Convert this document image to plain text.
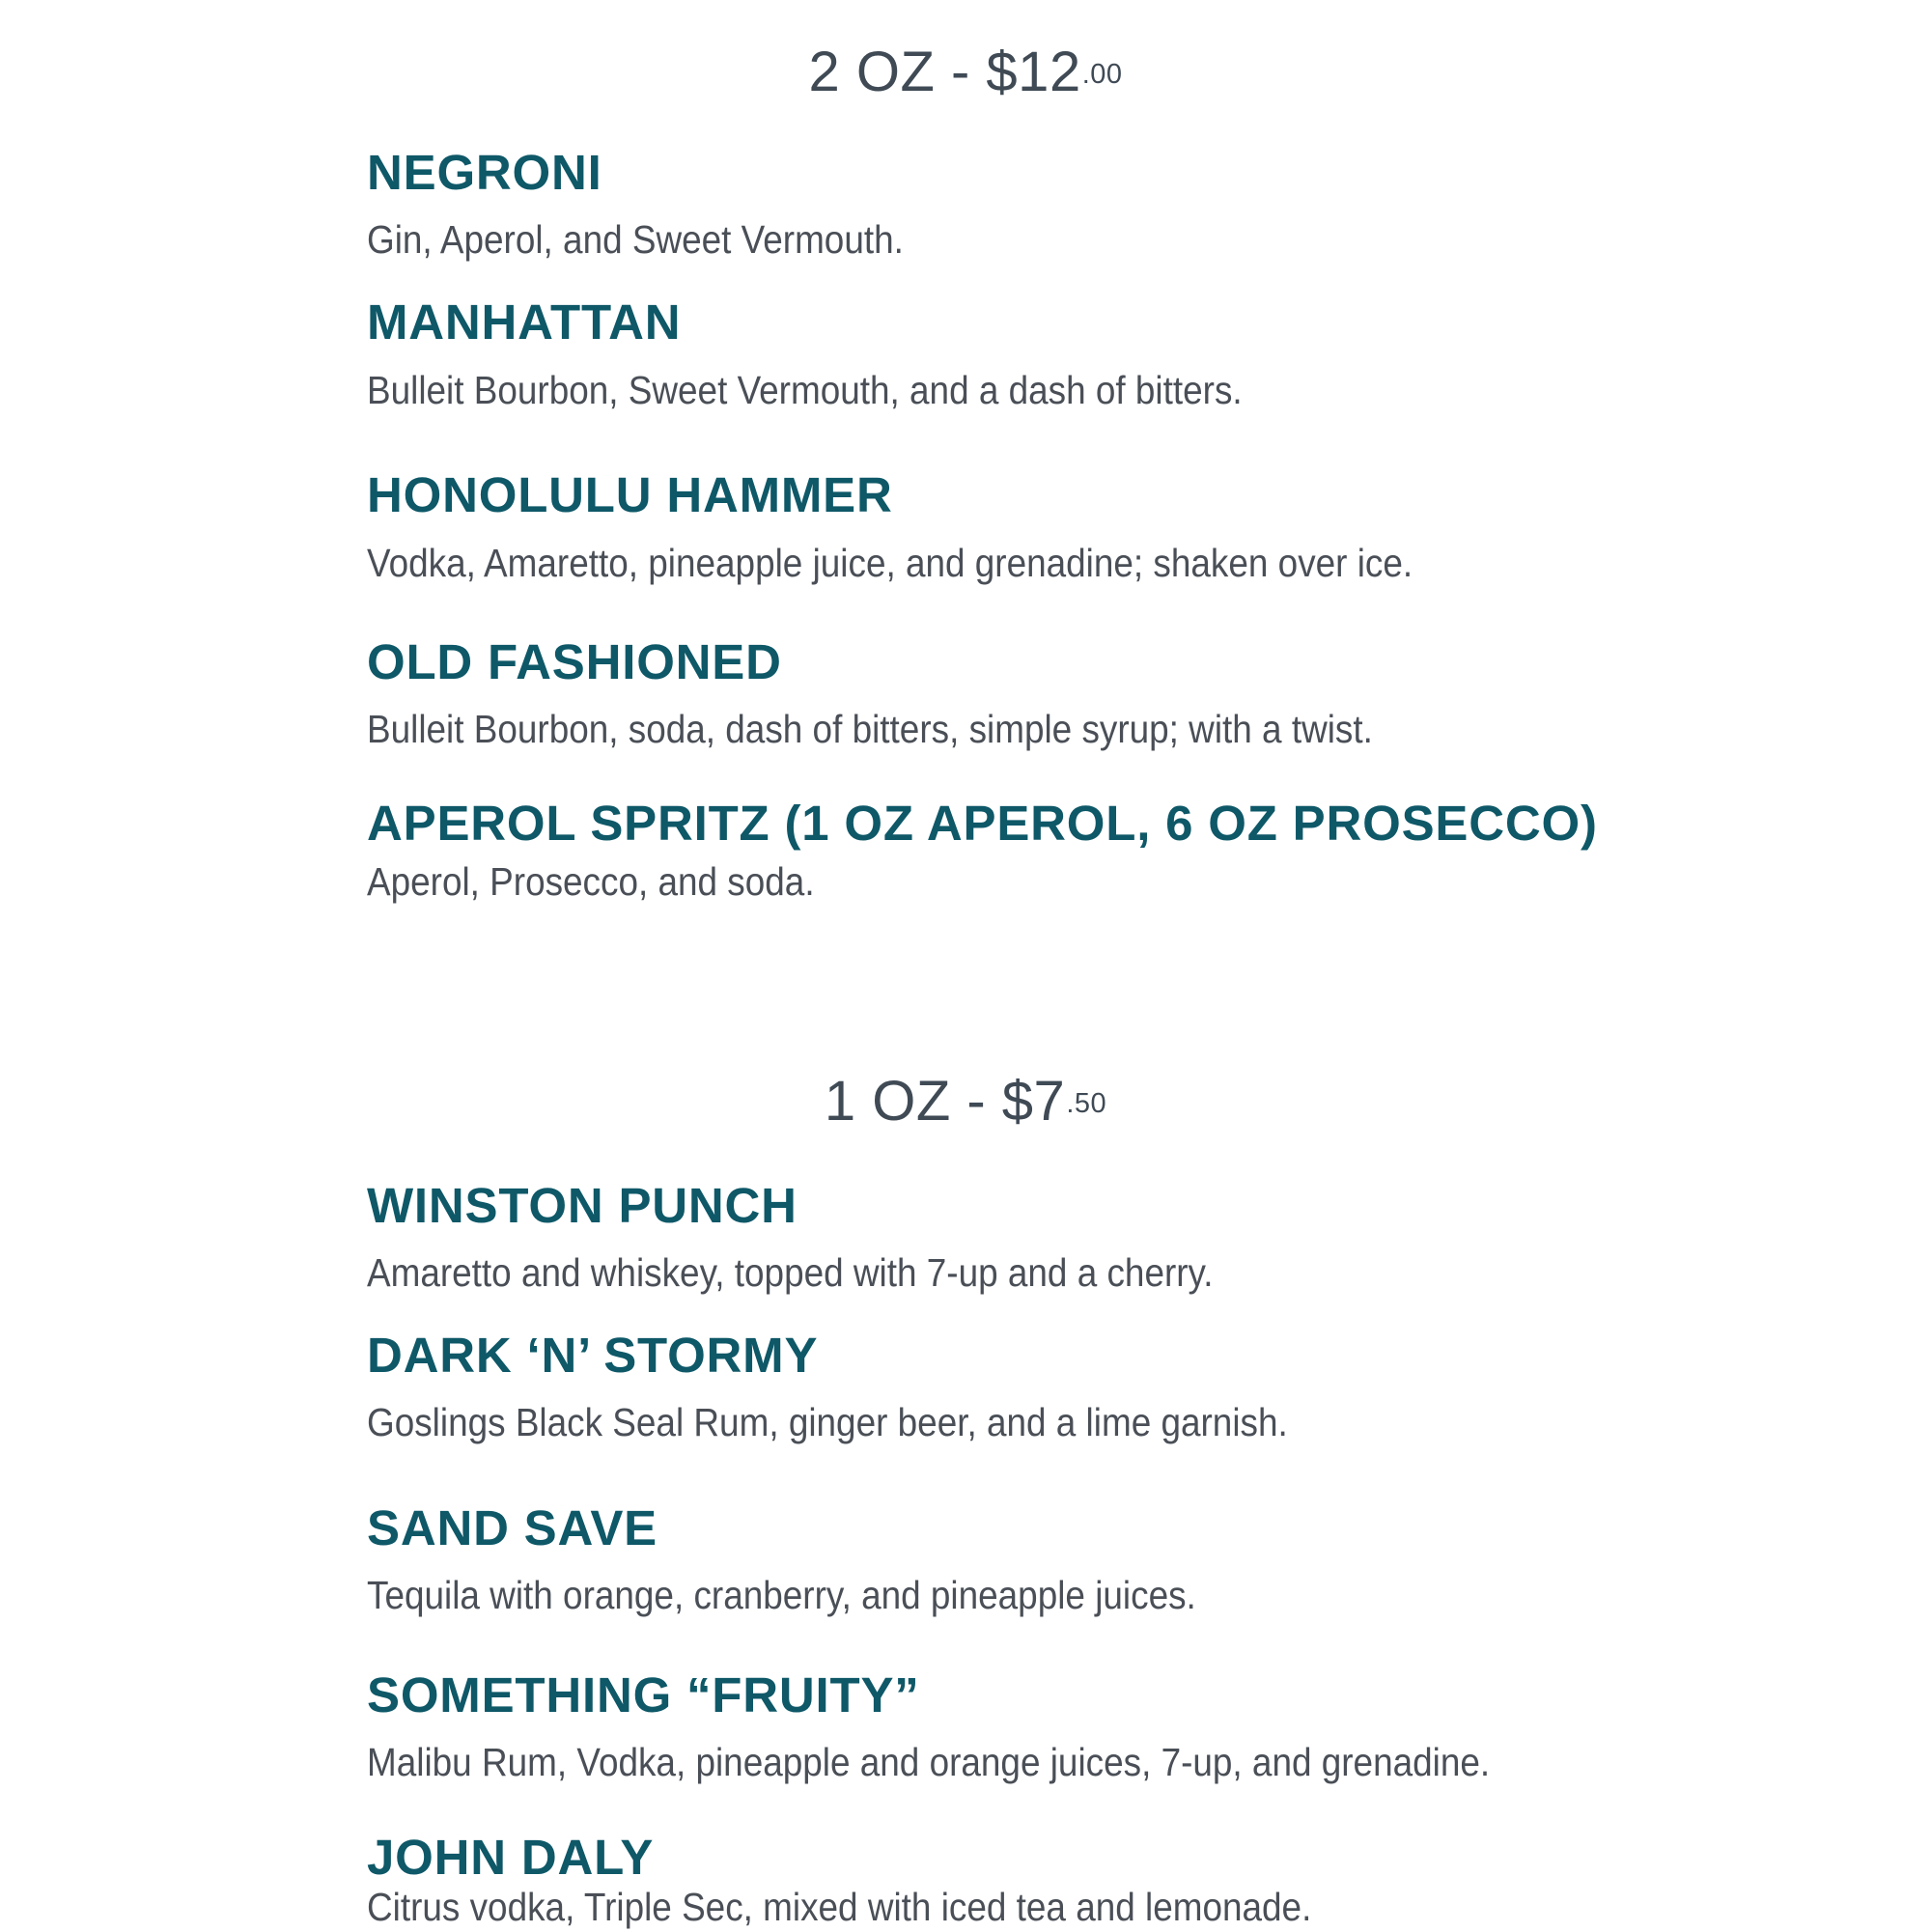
2 OZ - $\$12^{.00}$
NEGRONI

Gin, Aperol, and Sweet Vermouth.

MANHATTAN

Bulleit Bourbon, Sweet Vermouth, and a dash of bitters.

HONOLULU HAMMER

Vodka, Amaretto, pineapple juice, and grenadine; shaken over ice.

OLD FASHIONED

Bulleit Bourbon, soda, dash of bitters, simple syrup; with a twist.

APEROL SPRITZ (1 OZ APEROL, 6 OZ PROSECCO)

Aperol, Prosecco, and soda.

1 OZ - $\$7^{.50}$
WINSTON PUNCH

Amaretto and whiskey, topped with 7-up and a cherry.

DARK ‘N’ STORMY

Goslings Black Seal Rum, ginger beer, and a lime garnish.

SAND SAVE

Tequila with orange, cranberry, and pineapple juices.

SOMETHING “FRUITY”

Malibu Rum, Vodka, pineapple and orange juices, 7-up, and grenadine.

JOHN DALY

Citrus vodka, Triple Sec, mixed with iced tea and lemonade.
